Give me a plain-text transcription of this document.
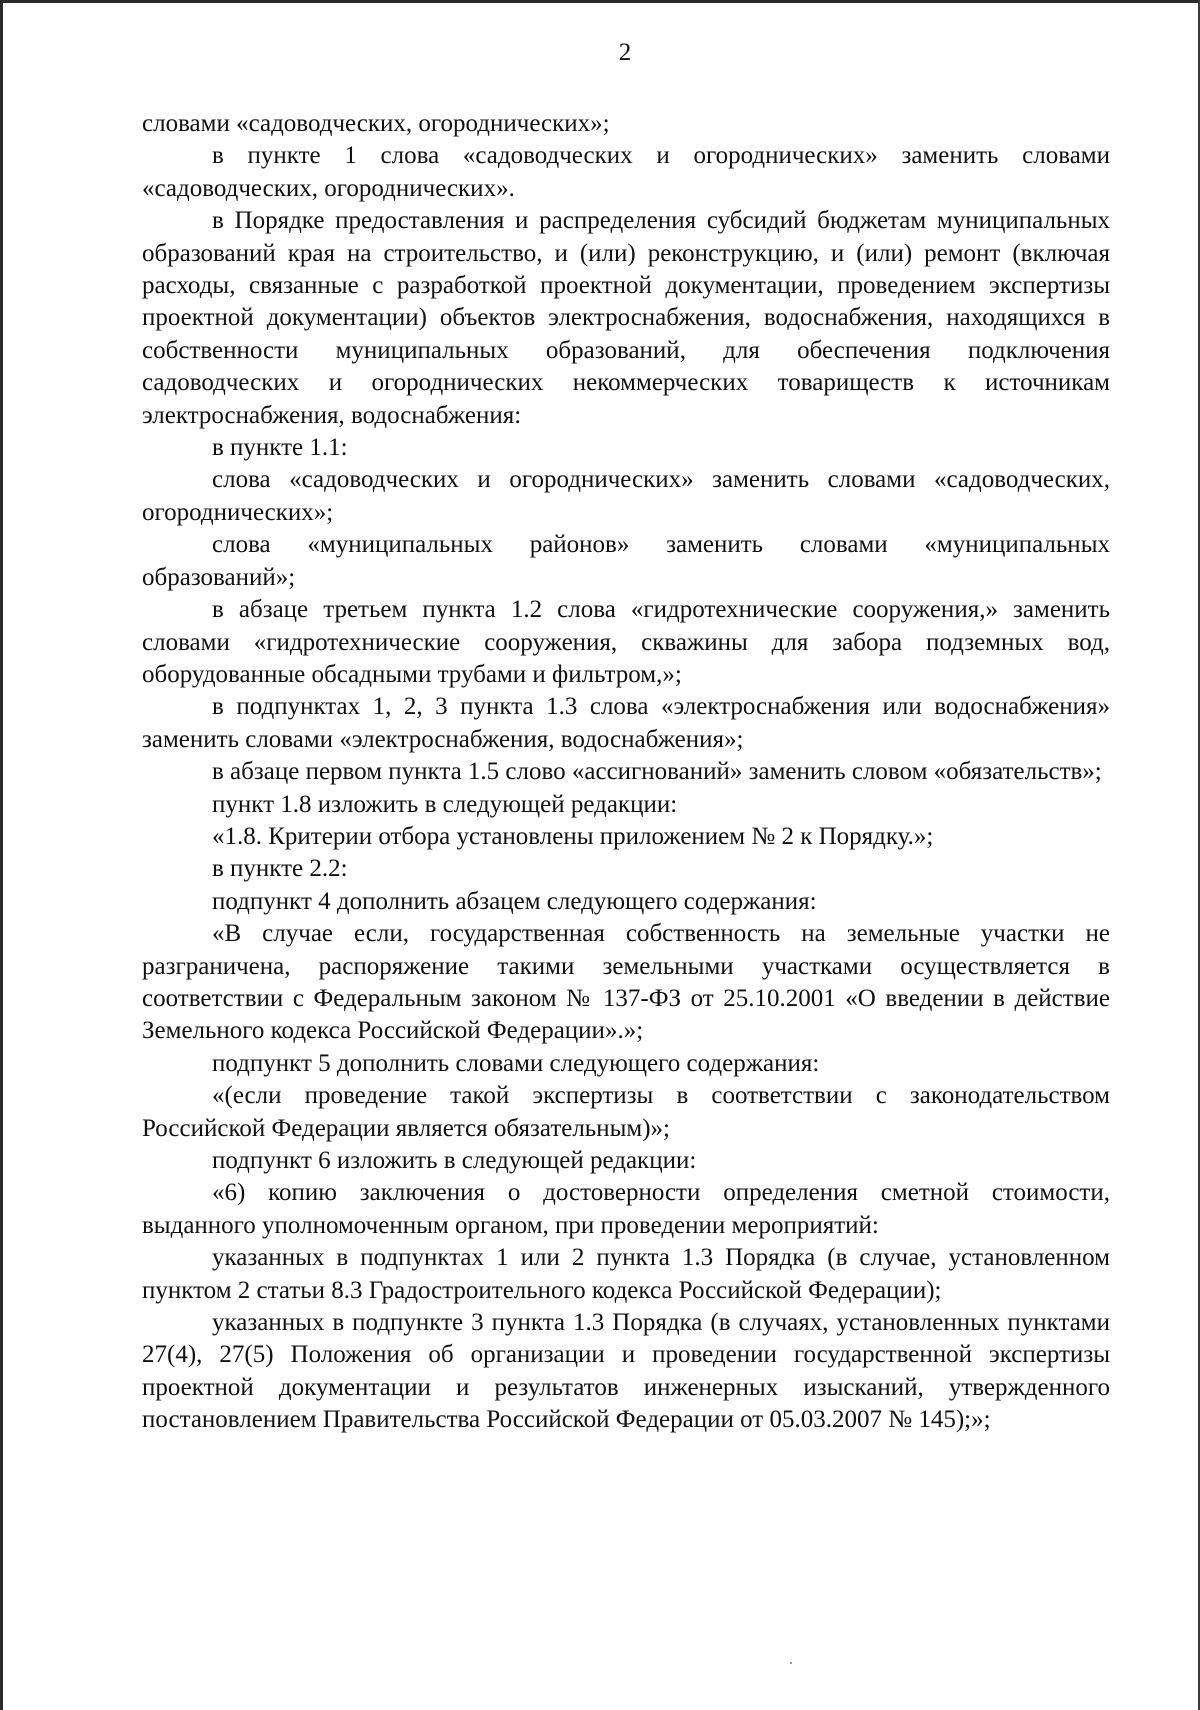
2

словами «садоводческих, огороднических»;

в пункте 1 слова «садоводческих и огороднических» заменить словами «садоводческих, огороднических».

в Порядке предоставления и распределения субсидий бюджетам муниципальных образований края на строительство, и (или) реконструкцию, и (или) ремонт (включая расходы, связанные с разработкой проектной документации, проведением экспертизы проектной документации) объектов электроснабжения, водоснабжения, находящихся в собственности муниципальных образований, для обеспечения подключения садоводческих и огороднических некоммерческих товариществ к источникам электроснабжения, водоснабжения:

в пункте 1.1:

слова «садоводческих и огороднических» заменить словами «садоводческих, огороднических»;

слова «муниципальных районов» заменить словами «муниципальных образований»;

в абзаце третьем пункта 1.2 слова «гидротехнические сооружения,» заменить словами «гидротехнические сооружения, скважины для забора подземных вод, оборудованные обсадными трубами и фильтром,»;

в подпунктах 1, 2, 3 пункта 1.3 слова «электроснабжения или водоснабжения» заменить словами «электроснабжения, водоснабжения»;

в абзаце первом пункта 1.5 слово «ассигнований» заменить словом «обязательств»;

пункт 1.8 изложить в следующей редакции:

«1.8. Критерии отбора установлены приложением № 2 к Порядку.»;

в пункте 2.2:

подпункт 4 дополнить абзацем следующего содержания:

«В случае если, государственная собственность на земельные участки не разграничена, распоряжение такими земельными участками осуществляется в соответствии с Федеральным законом № 137-ФЗ от 25.10.2001 «О введении в действие Земельного кодекса Российской Федерации».»;

подпункт 5 дополнить словами следующего содержания:

«(если проведение такой экспертизы в соответствии с законодательством Российской Федерации является обязательным)»;

подпункт 6 изложить в следующей редакции:

«6) копию заключения о достоверности определения сметной стоимости, выданного уполномоченным органом, при проведении мероприятий:

указанных в подпунктах 1 или 2 пункта 1.3 Порядка (в случае, установленном пунктом 2 статьи 8.3 Градостроительного кодекса Российской Федерации);

указанных в подпункте 3 пункта 1.3 Порядка (в случаях, установленных пунктами 27(4), 27(5) Положения об организации и проведении государственной экспертизы проектной документации и результатов инженерных изысканий, утвержденного постановлением Правительства Российской Федерации от 05.03.2007 № 145);»;
